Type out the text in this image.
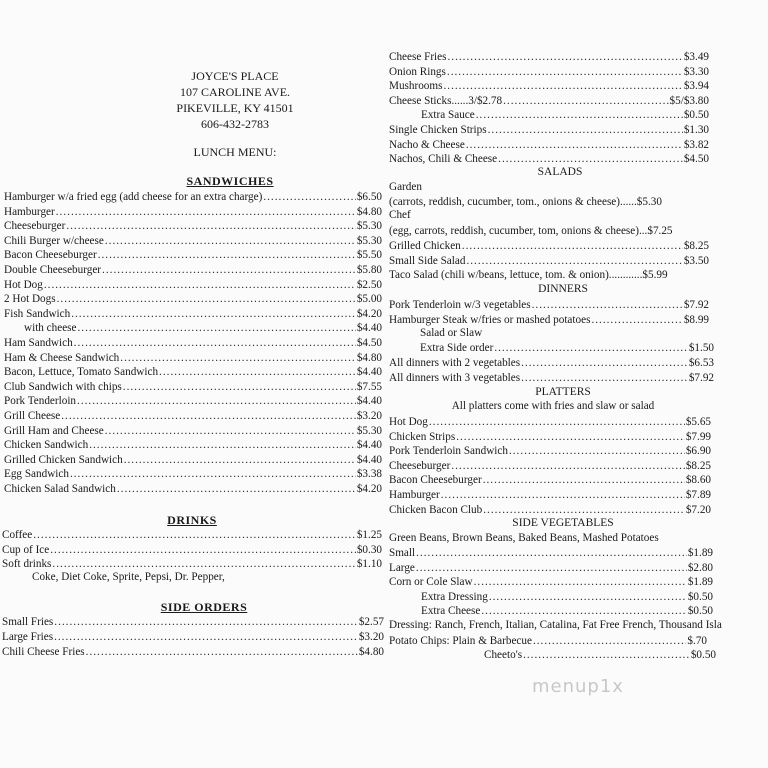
JOYCE'S PLACE
107 CAROLINE AVE.
PIKEVILLE, KY 41501
606-432-2783
LUNCH MENU:
SANDWICHES
Hamburger w/a fried egg (add cheese for an extra charge) .....	$6.50
Hamburger .....	$4.80
Cheeseburger .....	$5.30
Chili Burger w/cheese .....	$5.30
Bacon Cheeseburger .....	$5.50
Double Cheeseburger .....	$5.80
Hot Dog .....	$2.50
2 Hot Dogs .....	$5.00
Fish Sandwich .....	$4.20
with cheese .....	$4.40
Ham Sandwich .....	$4.50
Ham & Cheese Sandwich .....	$4.80
Bacon, Lettuce, Tomato Sandwich .....	$4.40
Club Sandwich with chips .....	$7.55
Pork Tenderloin .....	$4.40
Grill Cheese .....	$3.20
Grill Ham and Cheese .....	$5.30
Chicken Sandwich .....	$4.40
Grilled Chicken Sandwich .....	$4.40
Egg Sandwich .....	$3.38
Chicken Salad Sandwich .....	$4.20
DRINKS
Coffee .....	$1.25
Cup of Ice .....	$0.30
Soft drinks .....	$1.10
Coke, Diet Coke, Sprite, Pepsi, Dr. Pepper,
SIDE ORDERS
Small Fries .....	$2.57
Large Fries .....	$3.20
Chili Cheese Fries .....	$4.80
Cheese Fries .....	$3.49
Onion Rings .....	$3.30
Mushrooms .....	$3.94
Cheese Sticks......3/$2.78 .....	$5/$3.80
Extra Sauce .....	$0.50
Single Chicken Strips .....	$1.30
Nacho & Cheese .....	$3.82
Nachos, Chili & Cheese .....	$4.50
SALADS
Garden
(carrots, reddish, cucumber, tom., onions & cheese)...... $5.30
Chef
(egg, carrots, reddish, cucumber, tom, onions & cheese)... $7.25
Grilled Chicken .....	$8.25
Small Side Salad .....	$3.50
Taco Salad (chili w/beans, lettuce, tom. & onion)............ $5.99
DINNERS
Pork Tenderloin w/3 vegetables .....	$7.92
Hamburger Steak w/fries or mashed potatoes .....	$8.99
Salad or Slaw
Extra Side order .....	$1.50
All dinners with 2 vegetables .....	$6.53
All dinners with 3 vegetables .....	$7.92
PLATTERS
All platters come with fries and slaw or salad
Hot Dog .....	$5.65
Chicken Strips .....	$7.99
Pork Tenderloin Sandwich .....	$6.90
Cheeseburger .....	$8.25
Bacon Cheeseburger .....	$8.60
Hamburger .....	$7.89
Chicken Bacon Club .....	$7.20
SIDE VEGETABLES
Green Beans, Brown Beans, Baked Beans, Mashed Potatoes
Small .....	$1.89
Large .....	$2.80
Corn or Cole Slaw .....	$1.89
Extra Dressing .....	$0.50
Extra Cheese .....	$0.50
Dressing: Ranch, French, Italian, Catalina, Fat Free French, Thousand Isla
Potato Chips: Plain & Barbecue .....	$.70
Cheeto's .....	$0.50
menup1x
